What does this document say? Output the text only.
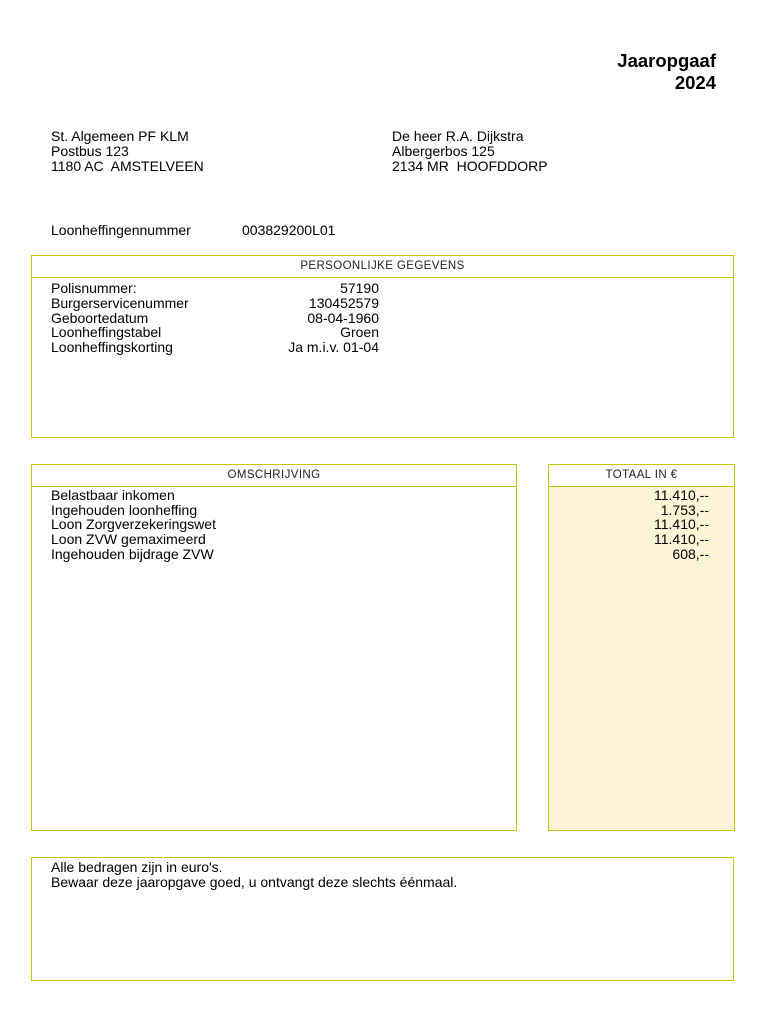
Jaaropgaaf
2024
St. Algemeen PF KLM
Postbus 123
1180 AC  AMSTELVEEN
De heer R.A. Dijkstra
Albergerbos 125
2134 MR  HOOFDDORP
Loonheffingennummer	003829200L01
PERSOONLIJKE GEGEVENS
Polisnummer:
Burgerservicenummer
Geboortedatum
Loonheffingstabel
Loonheffingskorting
57190
130452579
08-04-1960
Groen
Ja m.i.v. 01-04
OMSCHRIJVING
Belastbaar inkomen
Ingehouden loonheffing
Loon Zorgverzekeringswet
Loon ZVW gemaximeerd
Ingehouden bijdrage ZVW
TOTAAL IN €
11.410,--
1.753,--
11.410,--
11.410,--
608,--
Alle bedragen zijn in euro's.
Bewaar deze jaaropgave goed, u ontvangt deze slechts éénmaal.
